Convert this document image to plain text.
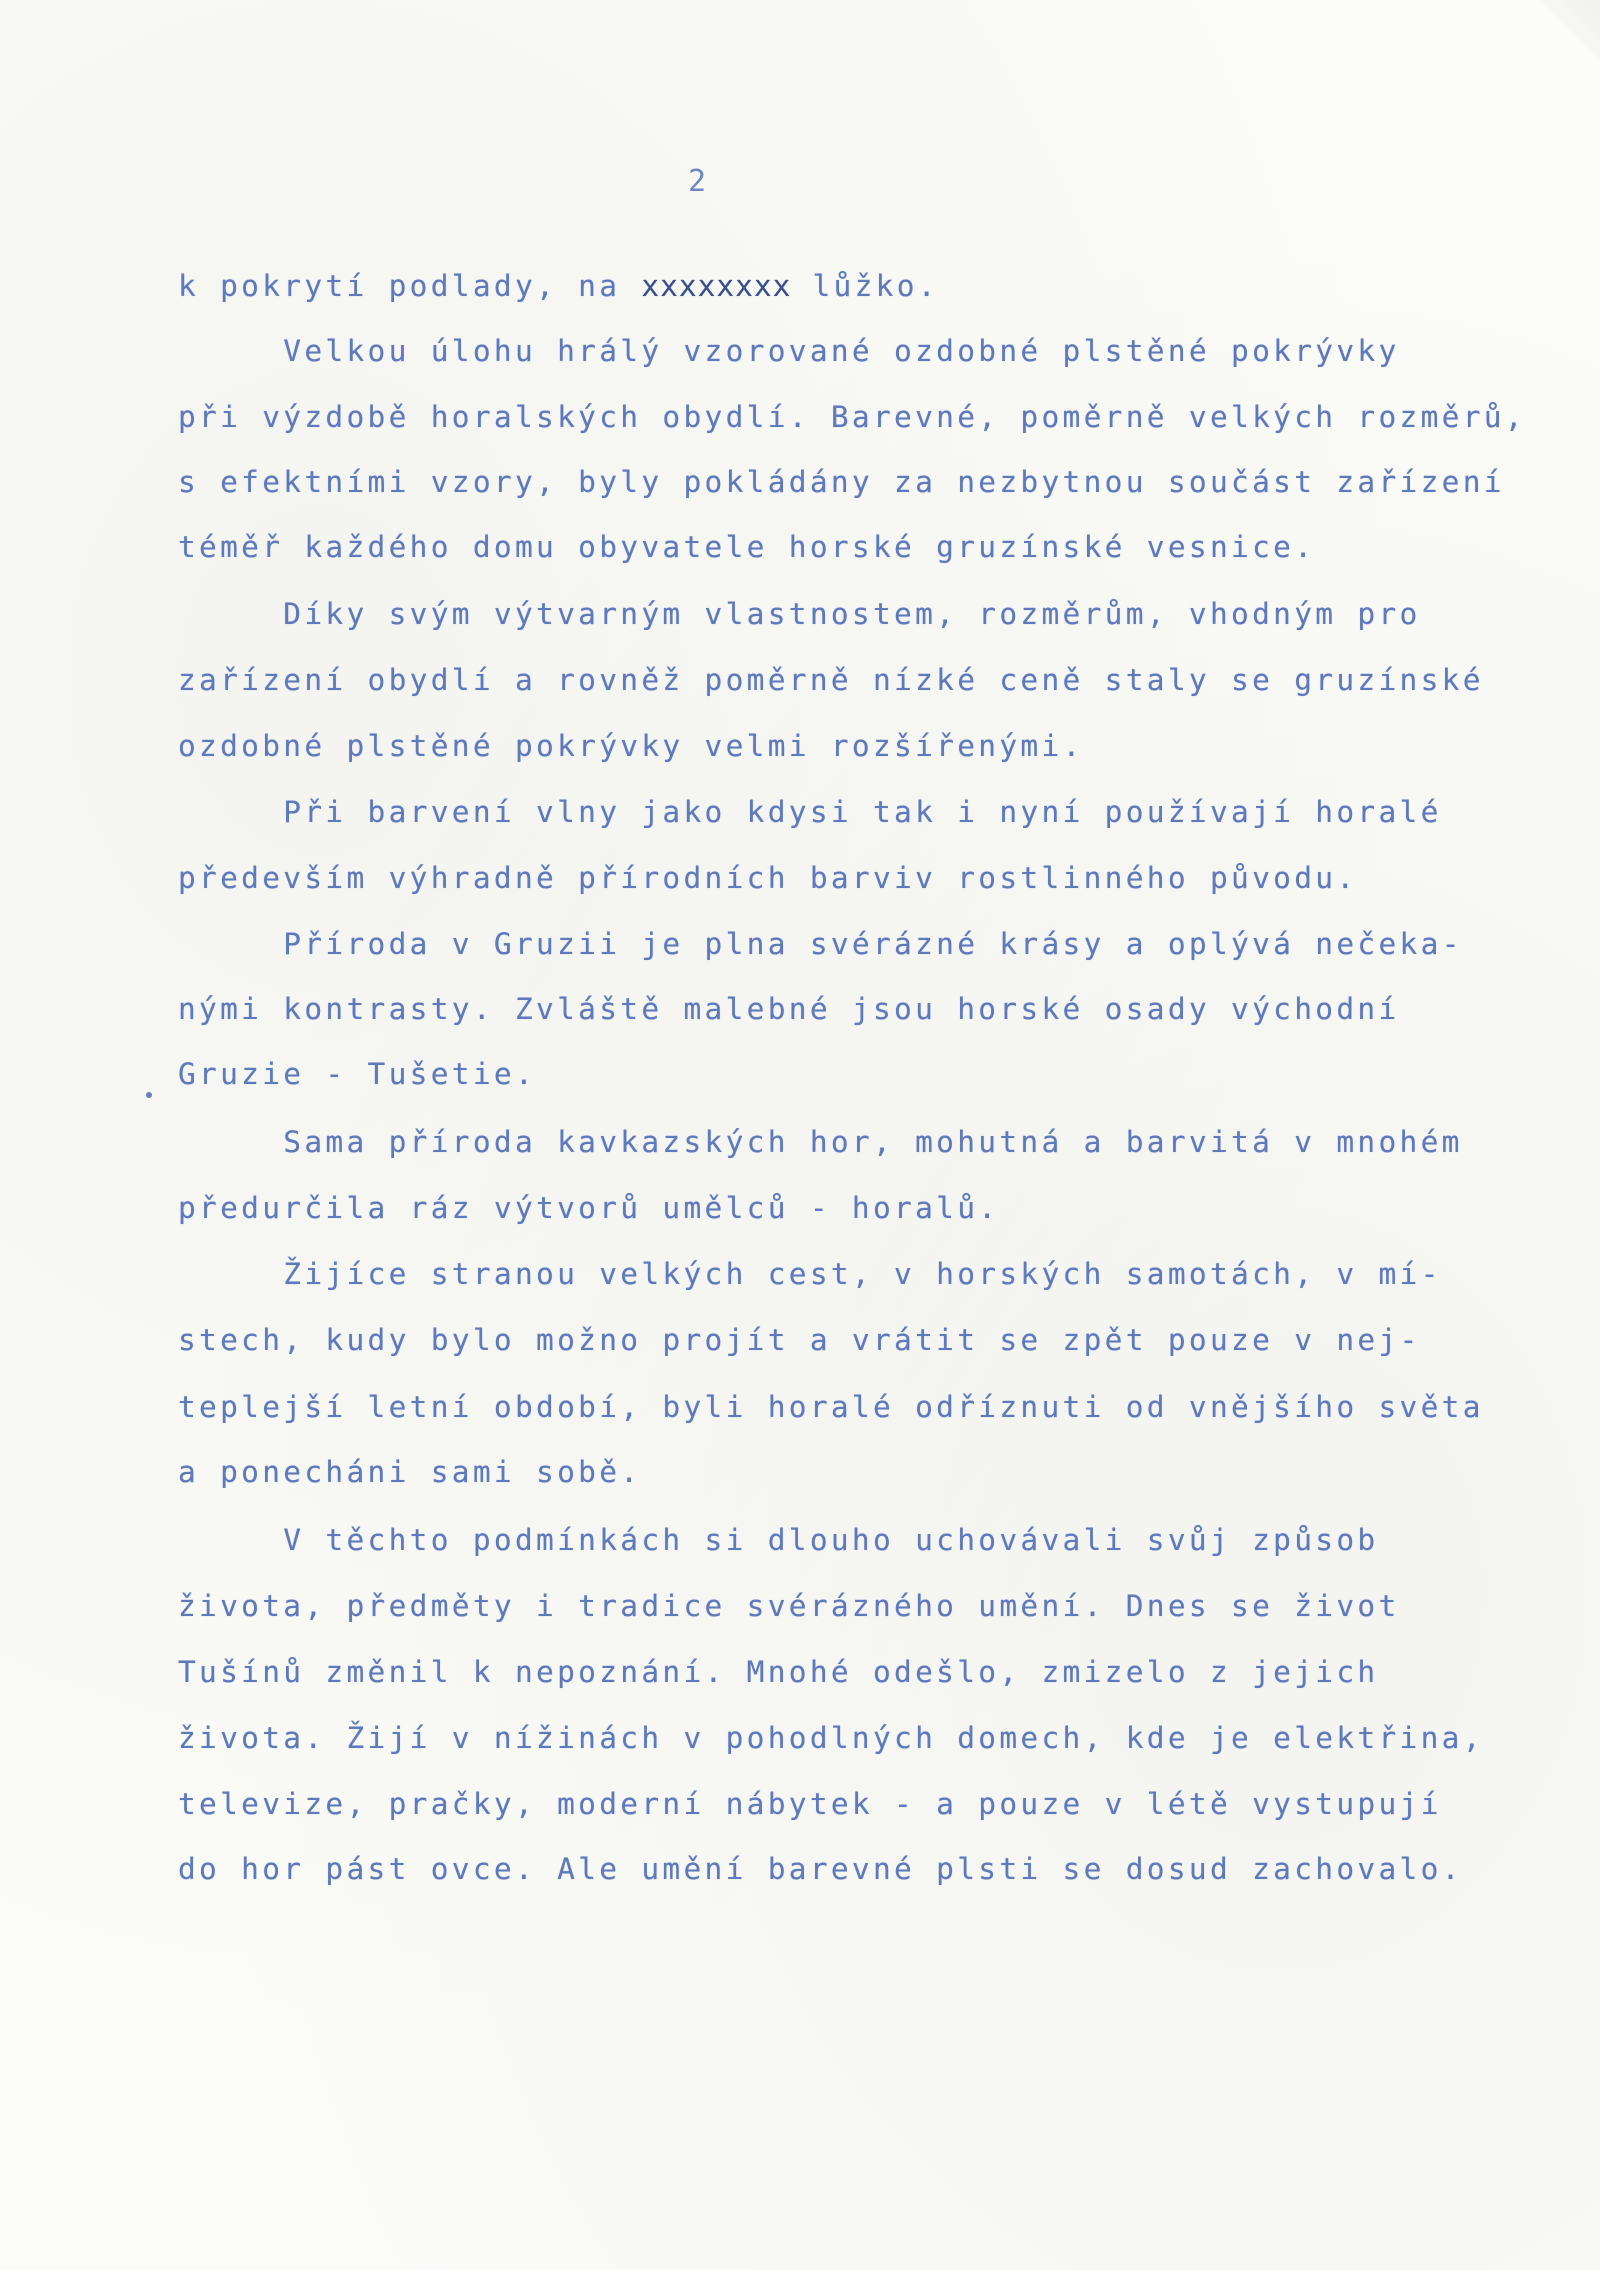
2
k pokrytí podlady, na xxxxxxxx lůžko.
Velkou úlohu hrálý vzorované ozdobné plstěné pokrývky
při výzdobě horalských obydlí. Barevné, poměrně velkých rozměrů,
s efektními vzory, byly pokládány za nezbytnou součást zařízení
téměř každého domu obyvatele horské gruzínské vesnice.
Díky svým výtvarným vlastnostem, rozměrům, vhodným pro
zařízení obydlí a rovněž poměrně nízké ceně staly se gruzínské
ozdobné plstěné pokrývky velmi rozšířenými.
Při barvení vlny jako kdysi tak i nyní používají horalé
především výhradně přírodních barviv rostlinného původu.
Příroda v Gruzii je plna svérázné krásy a oplývá nečeka-
nými kontrasty. Zvláště malebné jsou horské osady východní
Gruzie - Tušetie.
Sama příroda kavkazských hor, mohutná a barvitá v mnohém
předurčila ráz výtvorů umělců - horalů.
Žijíce stranou velkých cest, v horských samotách, v mí-
stech, kudy bylo možno projít a vrátit se zpět pouze v nej-
teplejší letní období, byli horalé odříznuti od vnějšího světa
a ponecháni sami sobě.
V těchto podmínkách si dlouho uchovávali svůj způsob
života, předměty i tradice svérázného umění. Dnes se život
Tušínů změnil k nepoznání. Mnohé odešlo, zmizelo z jejich
života. Žijí v nížinách v pohodlných domech, kde je elektřina,
televize, pračky, moderní nábytek - a pouze v létě vystupují
do hor pást ovce. Ale umění barevné plsti se dosud zachovalo.
